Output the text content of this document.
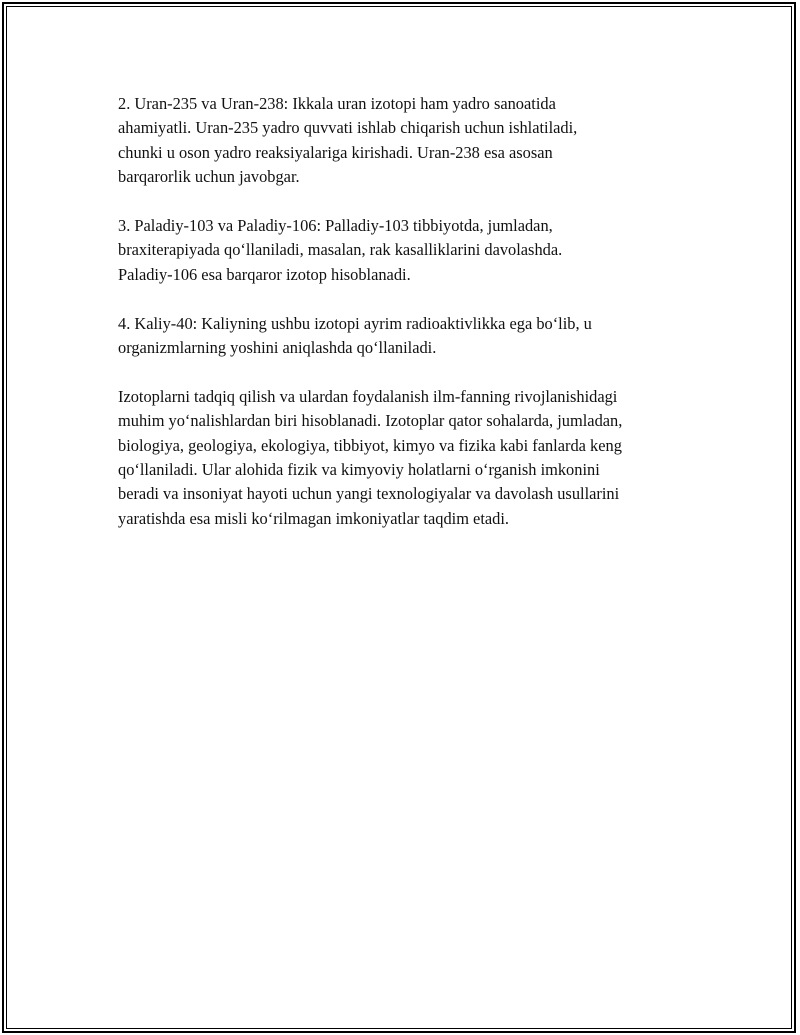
2. Uran-235 va Uran-238: Ikkala uran izotopi ham yadro sanoatida
ahamiyatli. Uran-235 yadro quvvati ishlab chiqarish uchun ishlatiladi,
chunki u oson yadro reaksiyalariga kirishadi. Uran-238 esa asosan
barqarorlik uchun javobgar.

3. Paladiy-103 va Paladiy-106: Palladiy-103 tibbiyotda, jumladan,
braxiterapiyada qo‘llaniladi, masalan, rak kasalliklarini davolashda.
Paladiy-106 esa barqaror izotop hisoblanadi.

4. Kaliy-40: Kaliyning ushbu izotopi ayrim radioaktivlikka ega bo‘lib, u
organizmlarning yoshini aniqlashda qo‘llaniladi.

Izotoplarni tadqiq qilish va ulardan foydalanish ilm-fanning rivojlanishidagi
muhim yo‘nalishlardan biri hisoblanadi. Izotoplar qator sohalarda, jumladan,
biologiya, geologiya, ekologiya, tibbiyot, kimyo va fizika kabi fanlarda keng
qo‘llaniladi. Ular alohida fizik va kimyoviy holatlarni o‘rganish imkonini
beradi va insoniyat hayoti uchun yangi texnologiyalar va davolash usullarini
yaratishda esa misli ko‘rilmagan imkoniyatlar taqdim etadi.
